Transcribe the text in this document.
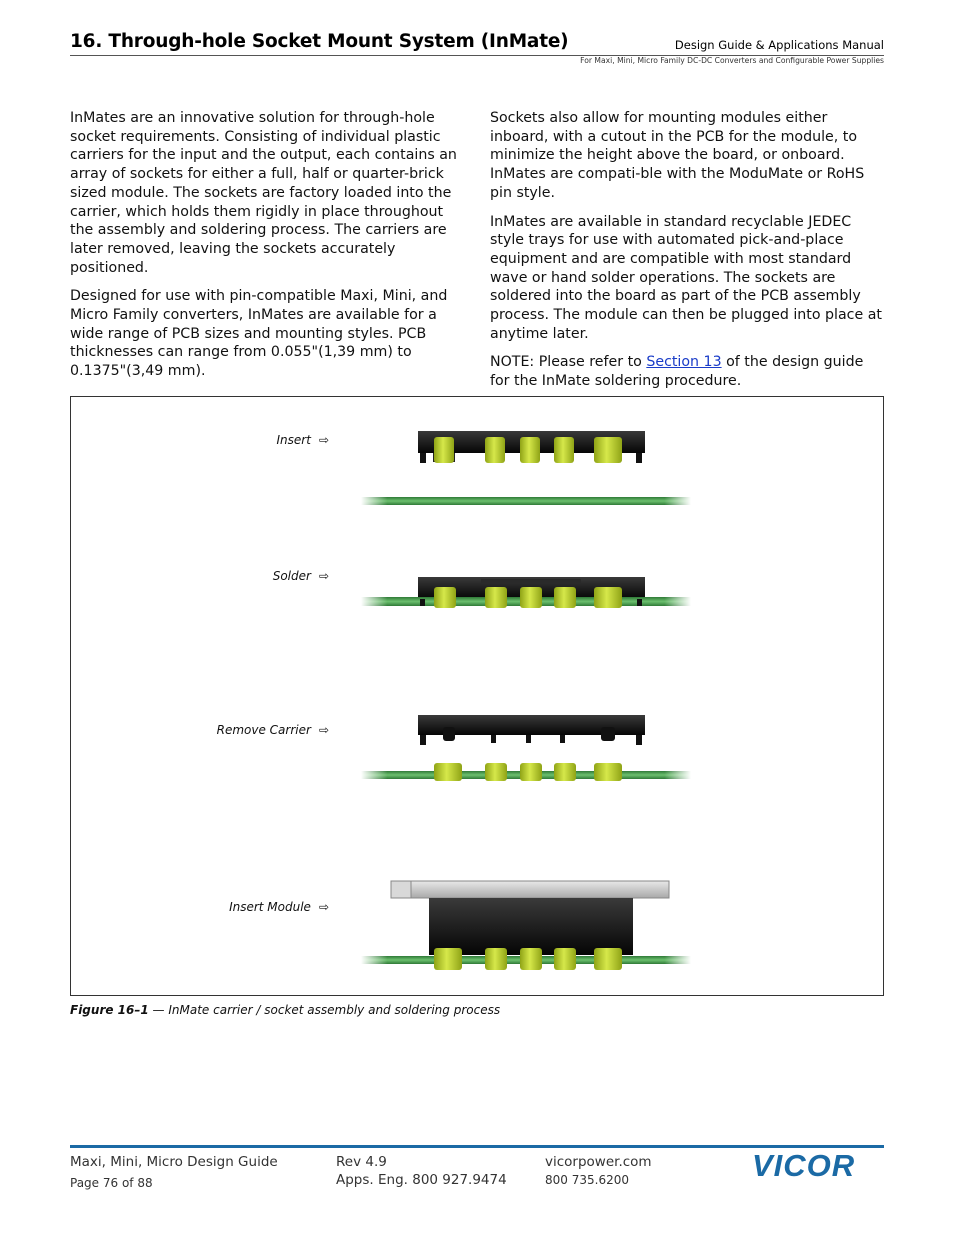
16. Through-hole Socket Mount System (InMate)	Design Guide & Applications Manual
For Maxi, Mini, Micro Family DC-DC Converters and Configurable Power Supplies

InMates are an innovative solution for through-hole socket requirements. Consisting of individual plastic carriers for the input and the output, each contains an array of sockets for either a full, half or quarter-brick sized module. The sockets are factory loaded into the carrier, which holds them rigidly in place throughout the assembly and soldering process. The carriers are later removed, leaving the sockets accurately positioned.

Designed for use with pin-compatible Maxi, Mini, and Micro Family converters, InMates are available for a wide range of PCB sizes and mounting styles. PCB thicknesses can range from 0.055"(1,39 mm) to 0.1375"(3,49 mm).

Sockets also allow for mounting modules either inboard, with a cutout in the PCB for the module, to minimize the height above the board, or onboard. InMates are compati-ble with the ModuMate or RoHS pin style.

InMates are available in standard recyclable JEDEC style trays for use with automated pick-and-place equipment and are compatible with most standard wave or hand solder operations. The sockets are soldered into the board as part of the PCB assembly process. The module can then be plugged into place at anytime later.

NOTE: Please refer to Section 13 of the design guide for the InMate soldering procedure.

Insert ⇨
Solder ⇨
Remove Carrier ⇨
Insert Module ⇨
Figure 16–1 — InMate carrier / socket assembly and soldering process
Maxi, Mini, Micro Design Guide
Page 76 of 88
Rev 4.9
Apps. Eng. 800 927.9474
vicorpower.com
800 735.6200	VICOR
